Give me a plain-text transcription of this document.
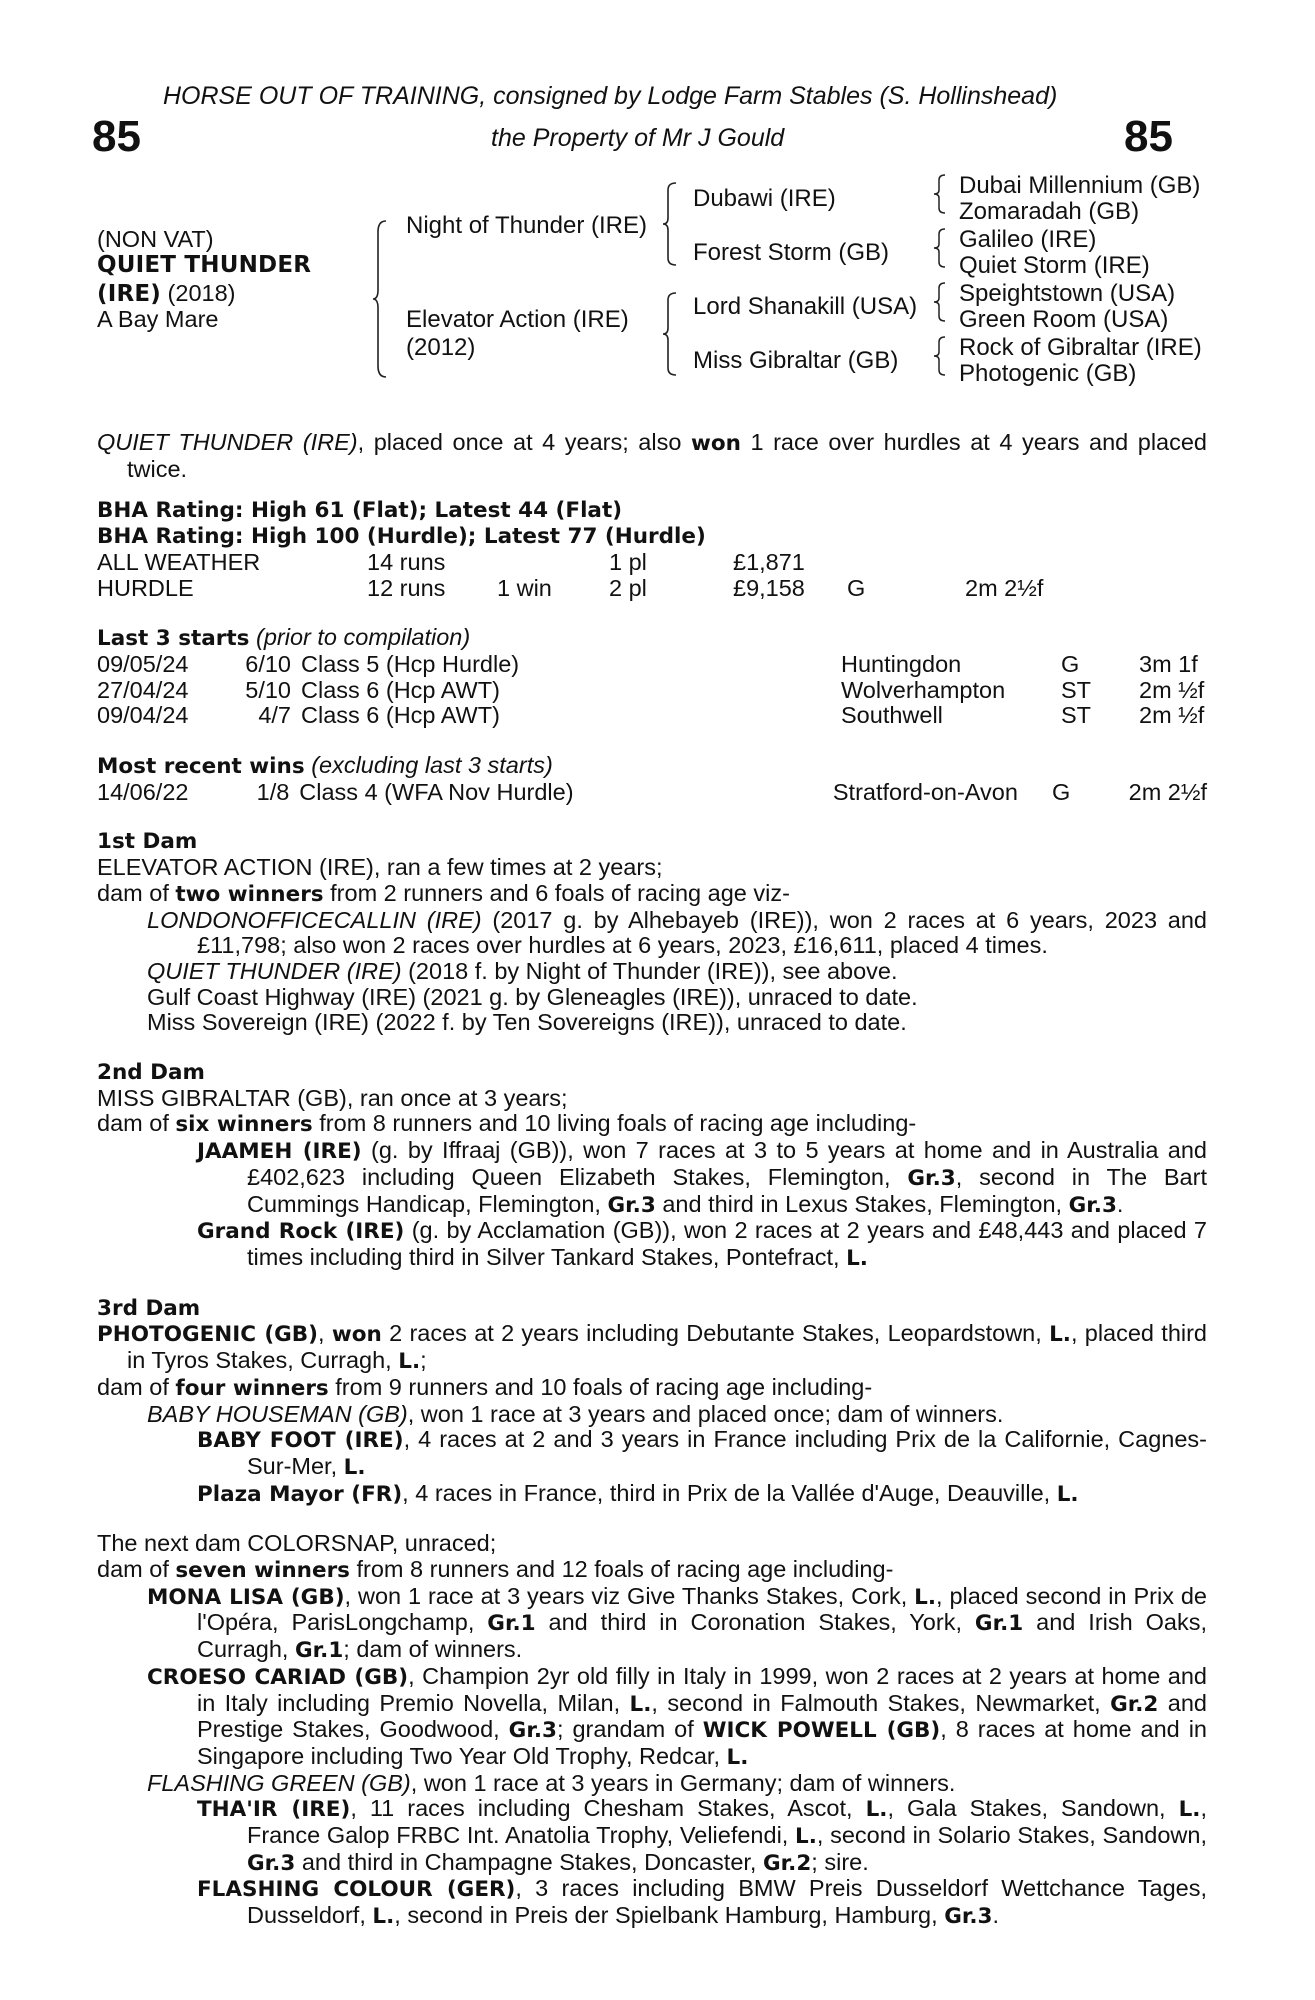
HORSE OUT OF TRAINING, consigned by Lodge Farm Stables (S. Hollinshead)
85	the Property of Mr J Gould	85
(NON VAT)
QUIET THUNDER
(IRE) (2018)
A Bay Mare
Night of Thunder (IRE)
Elevator Action (IRE)
(2012)
Dubawi (IRE)
Forest Storm (GB)
Lord Shanakill (USA)
Miss Gibraltar (GB)
Dubai Millennium (GB)
Zomaradah (GB)
Galileo (IRE)
Quiet Storm (IRE)
Speightstown (USA)
Green Room (USA)
Rock of Gibraltar (IRE)
Photogenic (GB)

QUIET THUNDER (IRE), placed once at 4 years; also won 1 race over hurdles at 4 years and placed twice.

BHA Rating: High 61 (Flat); Latest 44 (Flat)
BHA Rating: High 100 (Hurdle); Latest 77 (Hurdle)
ALL WEATHER	14 runs		1 pl	£1,871		
HURDLE	12 runs	1 win	2 pl	£9,158	G	2m 2½f
Last 3 starts (prior to compilation)
09/05/24	6/10	Class 5 (Hcp Hurdle)	Huntingdon	G	3m 1f
27/04/24	5/10	Class 6 (Hcp AWT)	Wolverhampton	ST	2m ½f
09/04/24	4/7	Class 6 (Hcp AWT)	Southwell	ST	2m ½f
Most recent wins (excluding last 3 starts)
14/06/22	1/8	Class 4 (WFA Nov Hurdle)	Stratford-on-Avon	G	2m 2½f
1st Dam

ELEVATOR ACTION (IRE), ran a few times at 2 years;

dam of two winners from 2 runners and 6 foals of racing age viz-

LONDONOFFICECALLIN (IRE) (2017 g. by Alhebayeb (IRE)), won 2 races at 6 years, 2023 and £11,798; also won 2 races over hurdles at 6 years, 2023, £16,611, placed 4 times.

QUIET THUNDER (IRE) (2018 f. by Night of Thunder (IRE)), see above.

Gulf Coast Highway (IRE) (2021 g. by Gleneagles (IRE)), unraced to date.

Miss Sovereign (IRE) (2022 f. by Ten Sovereigns (IRE)), unraced to date.

2nd Dam

MISS GIBRALTAR (GB), ran once at 3 years;

dam of six winners from 8 runners and 10 living foals of racing age including-

JAAMEH (IRE) (g. by Iffraaj (GB)), won 7 races at 3 to 5 years at home and in Australia and £402,623 including Queen Elizabeth Stakes, Flemington, Gr.3, second in The Bart Cummings Handicap, Flemington, Gr.3 and third in Lexus Stakes, Flemington, Gr.3.

Grand Rock (IRE) (g. by Acclamation (GB)), won 2 races at 2 years and £48,443 and placed 7 times including third in Silver Tankard Stakes, Pontefract, L.

3rd Dam

PHOTOGENIC (GB), won 2 races at 2 years including Debutante Stakes, Leopardstown, L., placed third in Tyros Stakes, Curragh, L.;

dam of four winners from 9 runners and 10 foals of racing age including-

BABY HOUSEMAN (GB), won 1 race at 3 years and placed once; dam of winners.

BABY FOOT (IRE), 4 races at 2 and 3 years in France including Prix de la Californie, Cagnes-Sur-Mer, L.

Plaza Mayor (FR), 4 races in France, third in Prix de la Vallée d'Auge, Deauville, L.

The next dam COLORSNAP, unraced;

dam of seven winners from 8 runners and 12 foals of racing age including-

MONA LISA (GB), won 1 race at 3 years viz Give Thanks Stakes, Cork, L., placed second in Prix de l'Opéra, ParisLongchamp, Gr.1 and third in Coronation Stakes, York, Gr.1 and Irish Oaks, Curragh, Gr.1; dam of winners.

CROESO CARIAD (GB), Champion 2yr old filly in Italy in 1999, won 2 races at 2 years at home and in Italy including Premio Novella, Milan, L., second in Falmouth Stakes, Newmarket, Gr.2 and Prestige Stakes, Goodwood, Gr.3; grandam of WICK POWELL (GB), 8 races at home and in Singapore including Two Year Old Trophy, Redcar, L.

FLASHING GREEN (GB), won 1 race at 3 years in Germany; dam of winners.

THA'IR (IRE), 11 races including Chesham Stakes, Ascot, L., Gala Stakes, Sandown, L., France Galop FRBC Int. Anatolia Trophy, Veliefendi, L., second in Solario Stakes, Sandown, Gr.3 and third in Champagne Stakes, Doncaster, Gr.2; sire.

FLASHING COLOUR (GER), 3 races including BMW Preis Dusseldorf Wettchance Tages, Dusseldorf, L., second in Preis der Spielbank Hamburg, Hamburg, Gr.3.
